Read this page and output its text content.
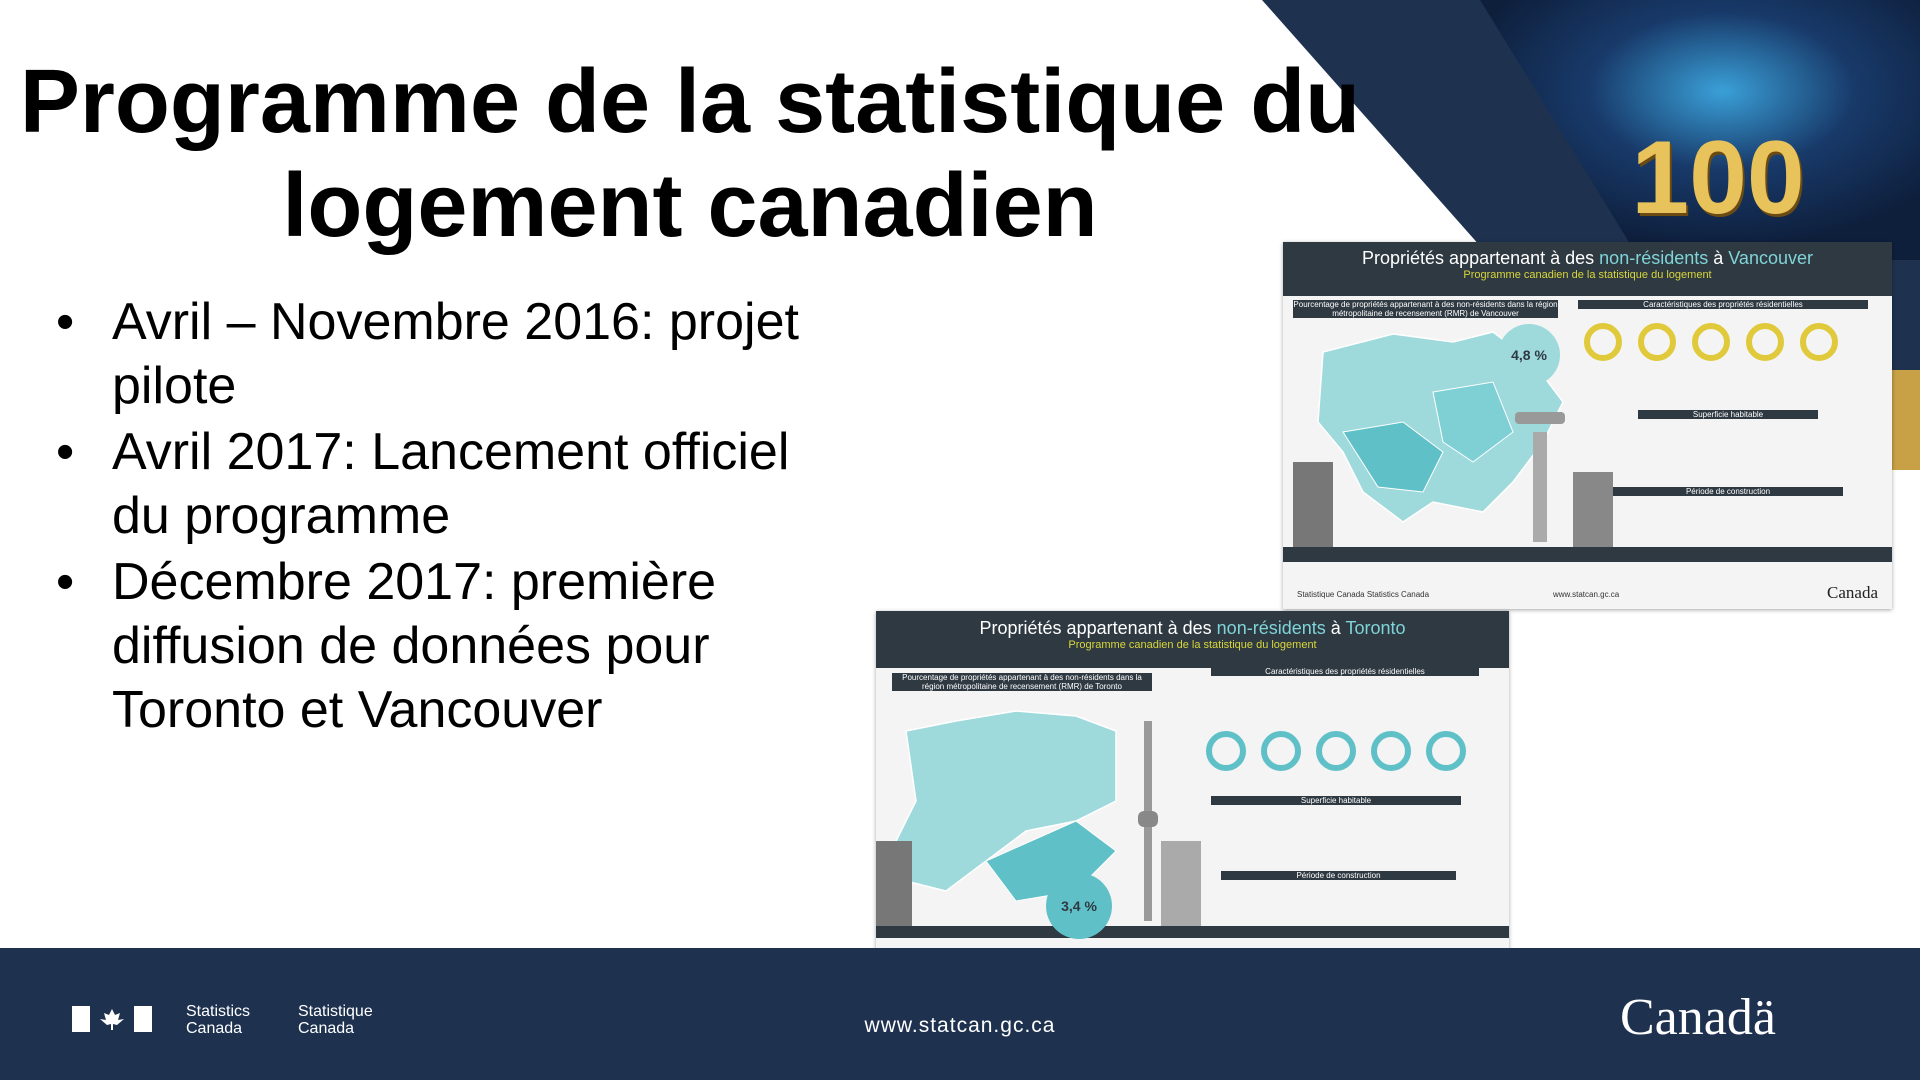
100
Programme de la statistique du
logement canadien
• Avril – Novembre 2016: projet pilote
• Avril 2017: Lancement officiel du programme
• Décembre 2017: première diffusion de données pour Toronto et Vancouver
Propriétés appartenant à des non-résidents à Vancouver
Programme canadien de la statistique du logement
Pourcentage de propriétés appartenant à des non-résidents dans la région métropolitaine de recensement (RMR) de Vancouver
4,8 %
Caractéristiques des propriétés résidentielles
Superficie habitable
Période de construction
Statistique Canada Statistics Canada	www.statcan.gc.ca	Canada
Propriétés appartenant à des non-résidents à Toronto
Programme canadien de la statistique du logement
Pourcentage de propriétés appartenant à des non-résidents dans la région métropolitaine de recensement (RMR) de Toronto
3,4 %
Caractéristiques des propriétés résidentielles
Superficie habitable
Période de construction
Statistics
Canada
Statistique
Canada	www.statcan.gc.ca	Canadä
